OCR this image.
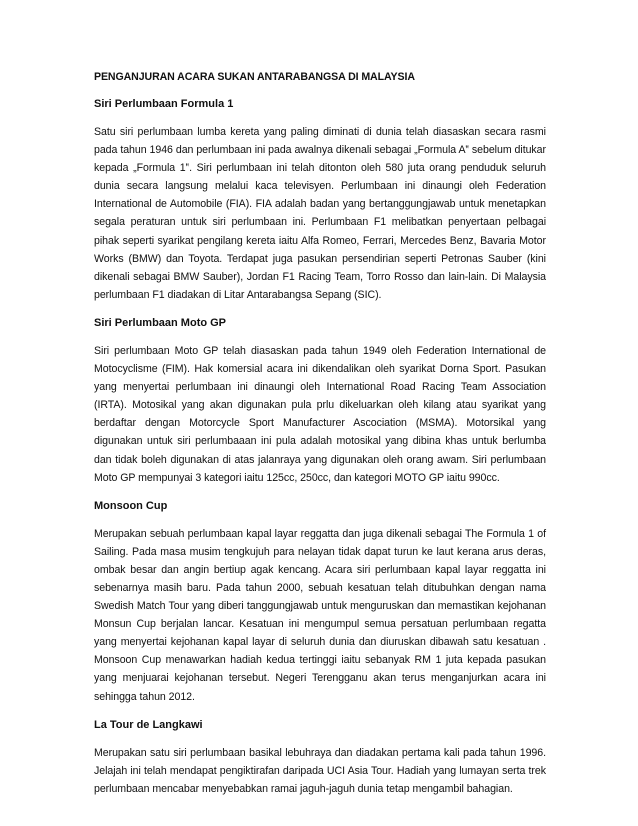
PENGANJURAN ACARA SUKAN ANTARABANGSA DI MALAYSIA
Siri Perlumbaan Formula 1

Satu siri perlumbaan lumba kereta yang paling diminati di dunia telah diasaskan secara rasmi pada tahun 1946 dan perlumbaan ini pada awalnya dikenali sebagai „Formula A‟ sebelum ditukar kepada „Formula 1‟. Siri perlumbaan ini telah ditonton oleh 580 juta orang penduduk seluruh dunia secara langsung melalui kaca televisyen. Perlumbaan ini dinaungi oleh Federation International de Automobile (FIA). FIA adalah badan yang bertanggungjawab untuk menetapkan segala peraturan untuk siri perlumbaan ini. Perlumbaan F1 melibatkan penyertaan pelbagai pihak seperti syarikat pengilang kereta iaitu Alfa Romeo, Ferrari, Mercedes Benz, Bavaria Motor Works (BMW) dan Toyota. Terdapat juga pasukan persendirian seperti Petronas Sauber (kini dikenali sebagai BMW Sauber), Jordan F1 Racing Team, Torro Rosso dan lain-lain. Di Malaysia perlumbaan F1 diadakan di Litar Antarabangsa Sepang (SIC).

Siri Perlumbaan Moto GP

Siri perlumbaan Moto GP telah diasaskan pada tahun 1949 oleh Federation International de Motocyclisme (FIM). Hak komersial acara ini dikendalikan oleh syarikat Dorna Sport. Pasukan yang menyertai perlumbaan ini dinaungi oleh International Road Racing Team Association (IRTA). Motosikal yang akan digunakan pula prlu dikeluarkan oleh kilang atau syarikat yang berdaftar dengan Motorcycle Sport Manufacturer Ascociation (MSMA). Motorsikal yang digunakan untuk siri perlumbaaan ini pula adalah motosikal yang dibina khas untuk berlumba dan tidak boleh digunakan di atas jalanraya yang digunakan oleh orang awam. Siri perlumbaan Moto GP mempunyai 3 kategori iaitu 125cc, 250cc, dan kategori MOTO GP iaitu 990cc.

Monsoon Cup

Merupakan sebuah perlumbaan kapal layar reggatta dan juga dikenali sebagai The Formula 1 of Sailing. Pada masa musim tengkujuh para nelayan tidak dapat turun ke laut kerana arus deras, ombak besar dan angin bertiup agak kencang. Acara siri perlumbaan kapal layar reggatta ini sebenarnya masih baru. Pada tahun 2000, sebuah kesatuan telah ditubuhkan dengan nama Swedish Match Tour yang diberi tanggungjawab untuk menguruskan dan memastikan kejohanan Monsun Cup berjalan lancar. Kesatuan ini mengumpul semua persatuan perlumbaan regatta yang menyertai kejohanan kapal layar di seluruh dunia dan diuruskan dibawah satu kesatuan . Monsoon Cup menawarkan hadiah kedua tertinggi iaitu sebanyak RM 1 juta kepada pasukan yang menjuarai kejohanan tersebut. Negeri Terengganu akan terus menganjurkan acara ini sehingga tahun 2012.

La Tour de Langkawi

Merupakan satu siri perlumbaan basikal lebuhraya dan diadakan pertama kali pada tahun 1996. Jelajah ini telah mendapat pengiktirafan daripada UCI Asia Tour. Hadiah yang lumayan serta trek perlumbaan mencabar menyebabkan ramai jaguh-jaguh dunia tetap mengambil bahagian.
